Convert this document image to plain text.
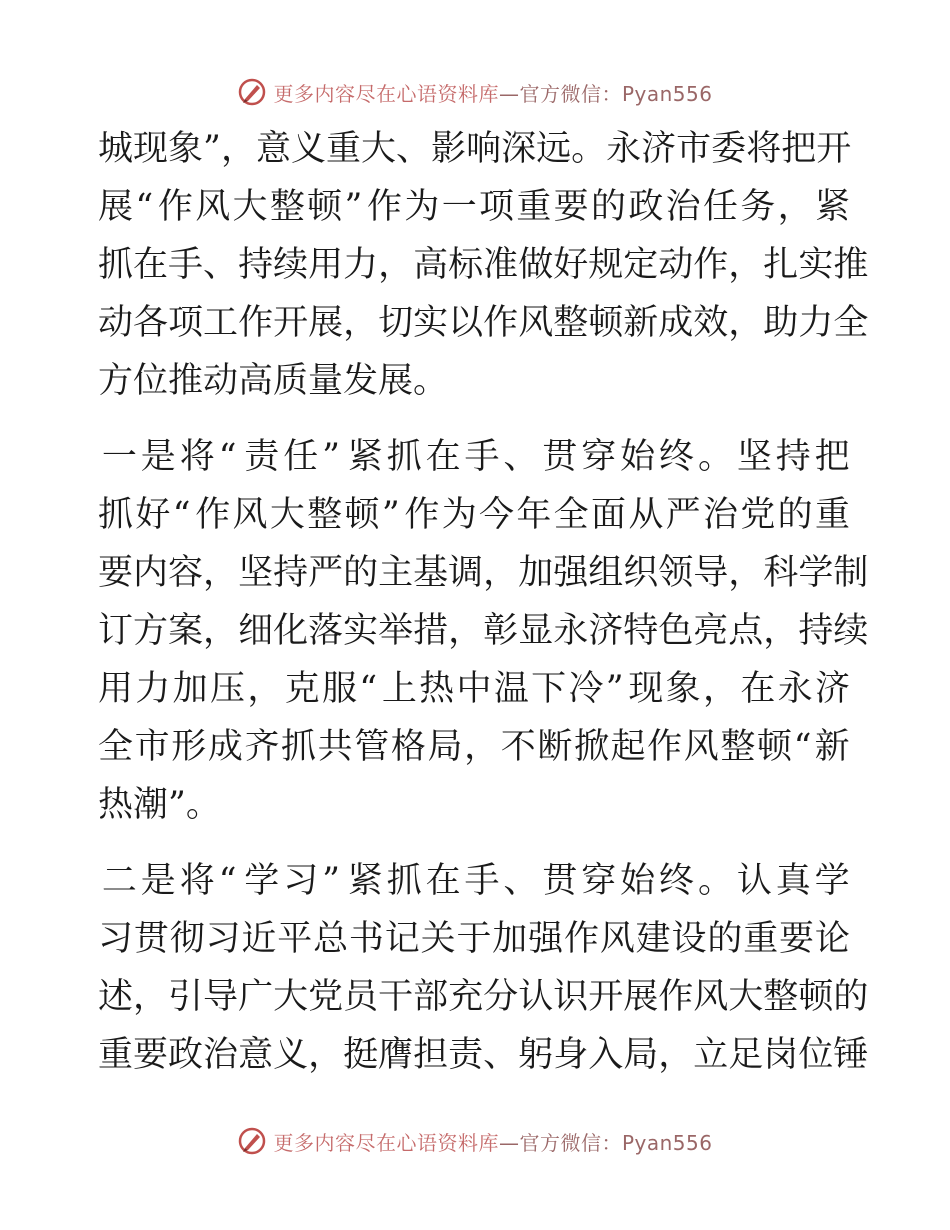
更多内容尽在心语资料库—官方微信：Pyan556
城 现 象 ” ， 意 义 重 大 、 影 响 深 远 。 永 济 市 委 将 把 开
展 “ 作 风 大 整 顿 ” 作 为 一 项 重 要 的 政 治 任 务 ， 紧
抓 在 手 、 持 续 用 力 ， 高 标 准 做 好 规 定 动 作 ， 扎 实 推
动 各 项 工 作 开 展 ， 切 实 以 作 风 整 顿 新 成 效 ， 助 力 全
方位推动高质量发展。
一 是 将 “ 责 任 ” 紧 抓 在 手 、 贯 穿 始 终 。 坚 持 把
抓 好 “ 作 风 大 整 顿 ” 作 为 今 年 全 面 从 严 治 党 的 重
要 内 容 ， 坚 持 严 的 主 基 调 ， 加 强 组 织 领 导 ， 科 学 制
订 方 案 ， 细 化 落 实 举 措 ， 彰 显 永 济 特 色 亮 点 ， 持 续
用 力 加 压 ， 克 服 “ 上 热 中 温 下 冷 ” 现 象 ， 在 永 济
全 市 形 成 齐 抓 共 管 格 局 ， 不 断 掀 起 作 风 整 顿 “ 新
热潮”。
二 是 将 “ 学 习 ” 紧 抓 在 手 、 贯 穿 始 终 。 认 真 学
习 贯 彻 习 近 平 总 书 记 关 于 加 强 作 风 建 设 的 重 要 论
述 ， 引 导 广 大 党 员 干 部 充 分 认 识 开 展 作 风 大 整 顿 的
重 要 政 治 意 义 ， 挺 膺 担 责 、 躬 身 入 局 ， 立 足 岗 位 锤
更多内容尽在心语资料库—官方微信：Pyan556
